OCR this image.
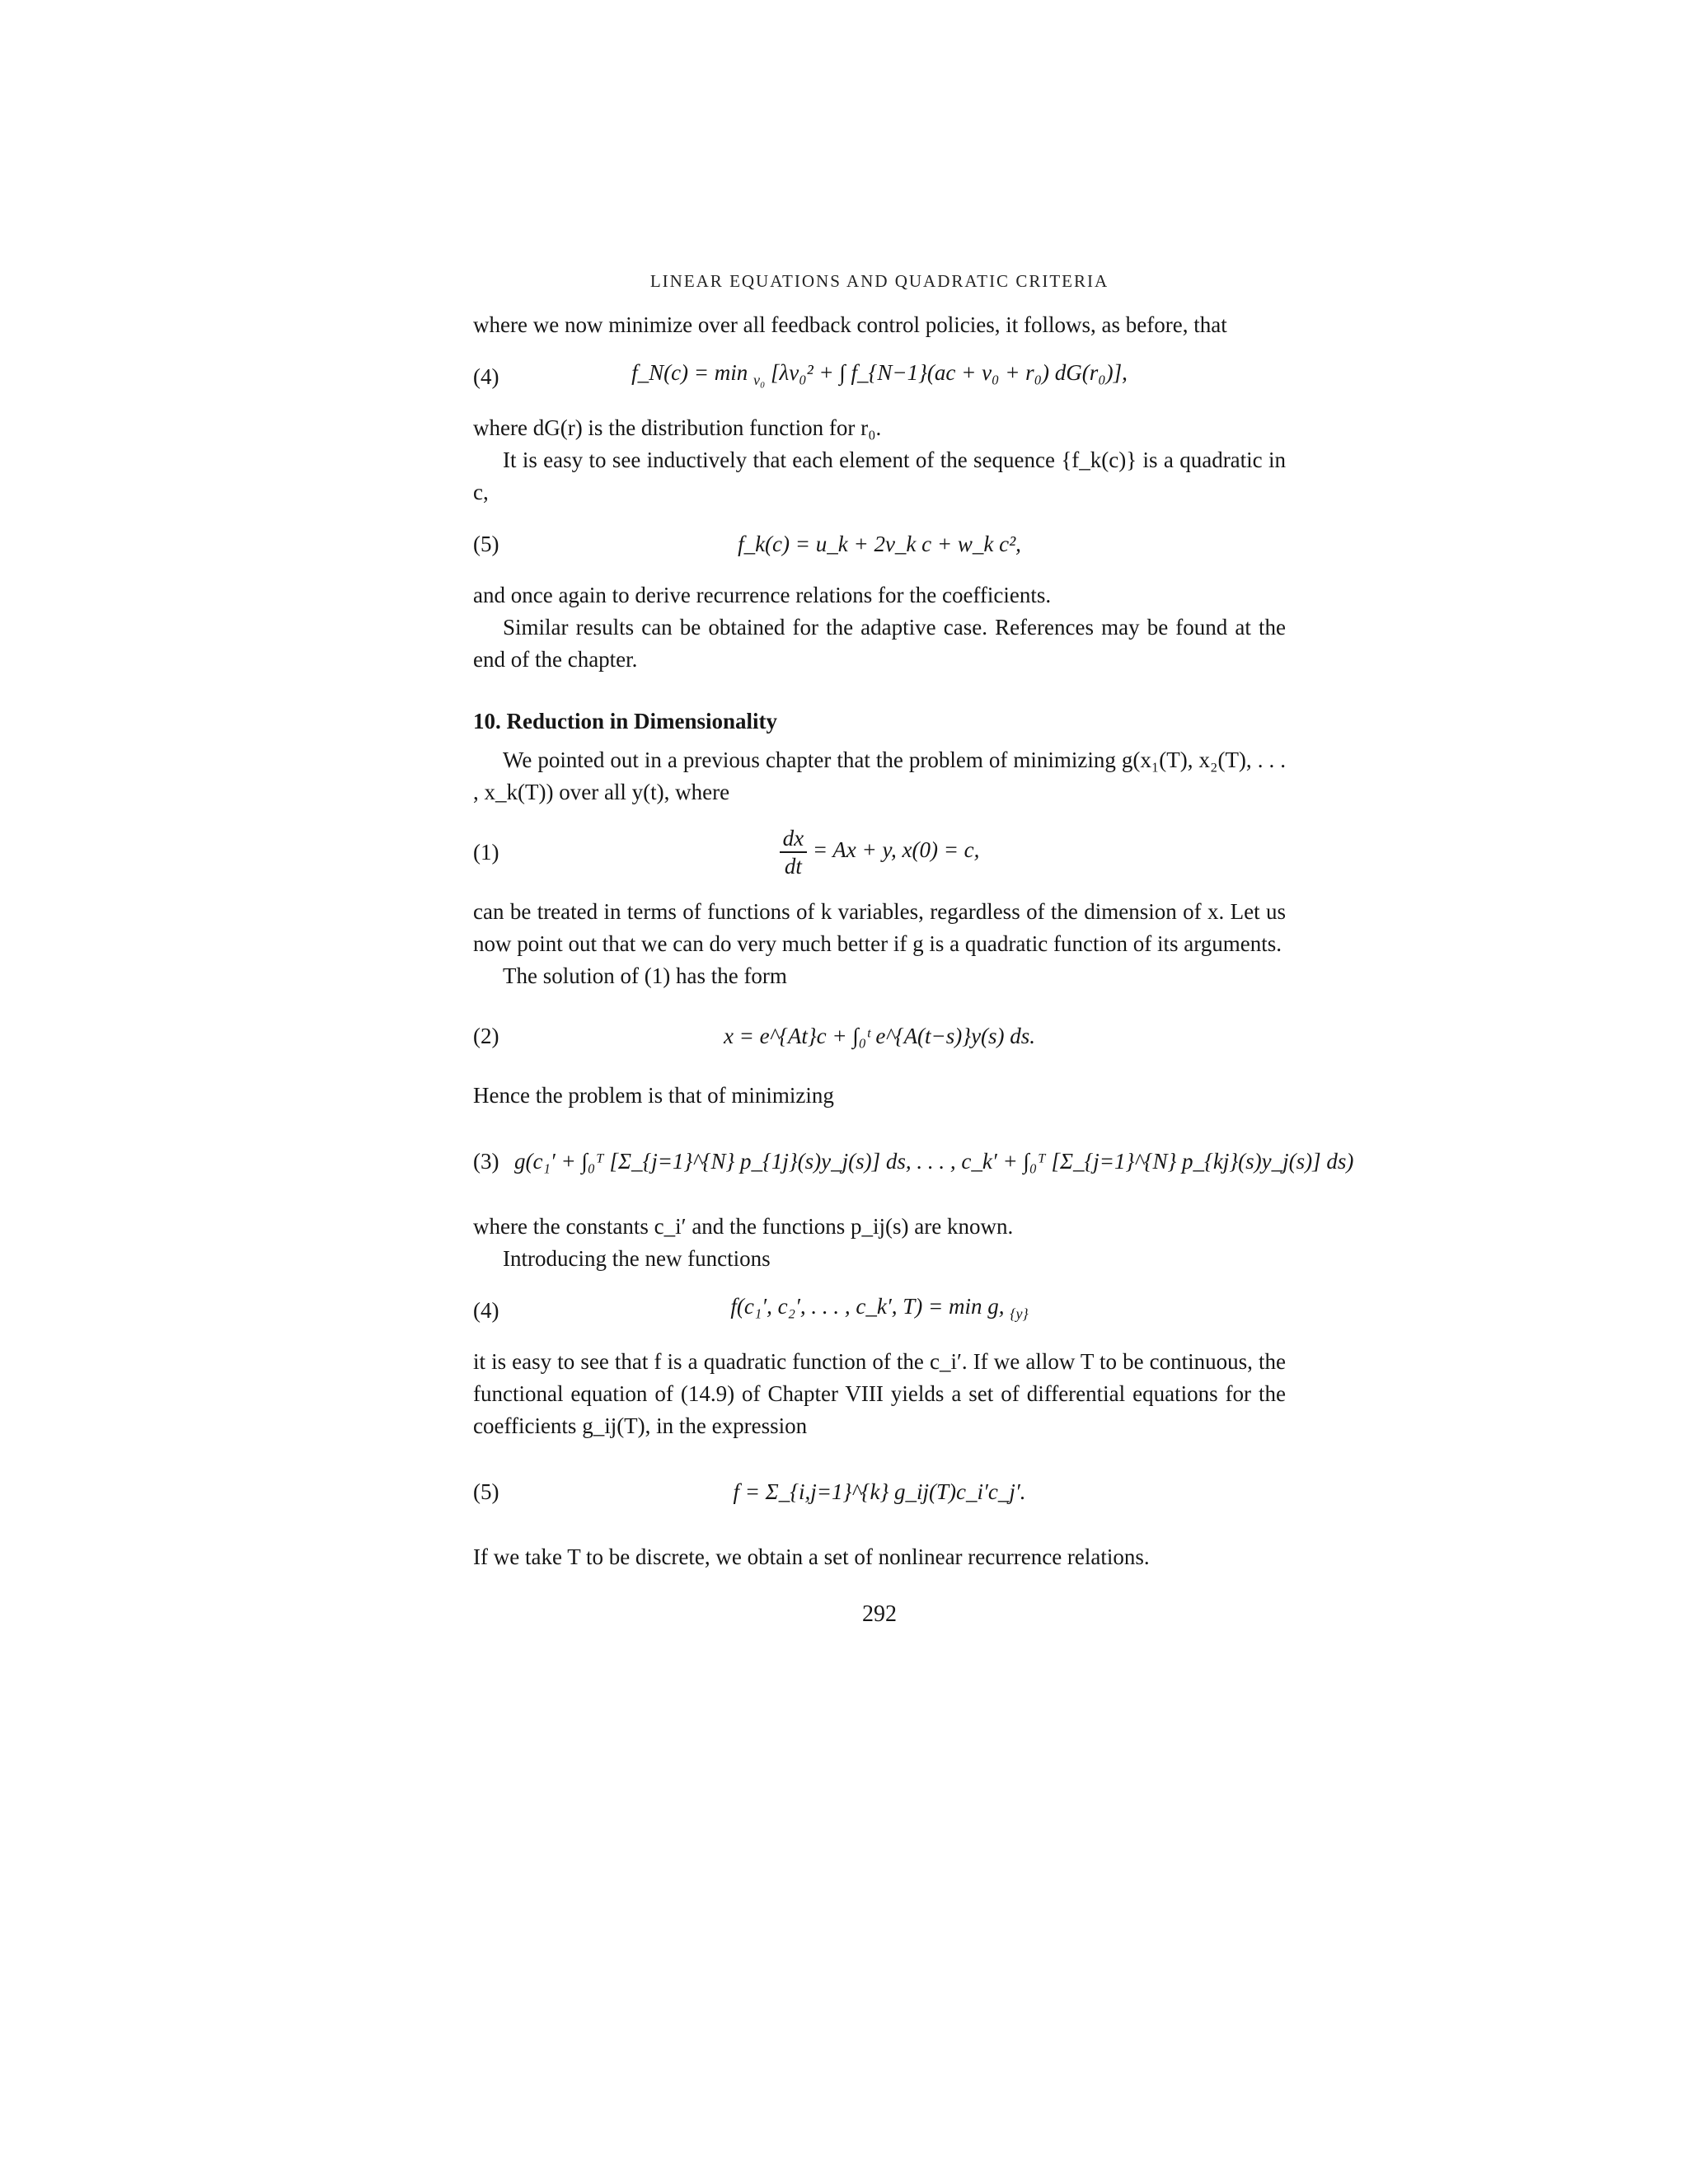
LINEAR EQUATIONS AND QUADRATIC CRITERIA

where we now minimize over all feedback control policies, it follows, as before, that

(4)	f_N(c) = min $_{v_0}$ [λv₀² + ∫ f_{N−1}(ac + v₀ + r₀) dG(r₀)],

where dG(r) is the distribution function for r₀.

It is easy to see inductively that each element of the sequence {f_k(c)} is a quadratic in c,

(5)	f_k(c) = u_k + 2v_k c + w_k c²,

and once again to derive recurrence relations for the coefficients.

Similar results can be obtained for the adaptive case. References may be found at the end of the chapter.

10. Reduction in Dimensionality

We pointed out in a previous chapter that the problem of minimizing g(x₁(T), x₂(T), . . . , x_k(T)) over all y(t), where

(1)	$\frac{dx}{dt} = Ax + y$, x(0) = c,

can be treated in terms of functions of k variables, regardless of the dimension of x. Let us now point out that we can do very much better if g is a quadratic function of its arguments.

The solution of (1) has the form

(2)	x = e^{At}c + ∫₀ᵗ e^{A(t−s)}y(s) ds.

Hence the problem is that of minimizing

(3) g(c₁′ + ∫₀ᵀ [Σ_{j=1}^{N} p_{1j}(s)y_j(s)] ds, . . . , c_k′ + ∫₀ᵀ [Σ_{j=1}^{N} p_{kj}(s)y_j(s)] ds)

where the constants c_i′ and the functions p_ij(s) are known.

Introducing the new functions

(4)	f(c₁′, c₂′, . . . , c_k′, T) = min g, $_{\{y\}}$

it is easy to see that f is a quadratic function of the c_i′. If we allow T to be continuous, the functional equation of (14.9) of Chapter VIII yields a set of differential equations for the coefficients g_ij(T), in the expression

(5)	f = Σ_{i,j=1}^{k} g_ij(T)c_i′c_j′.

If we take T to be discrete, we obtain a set of nonlinear recurrence relations.

292
